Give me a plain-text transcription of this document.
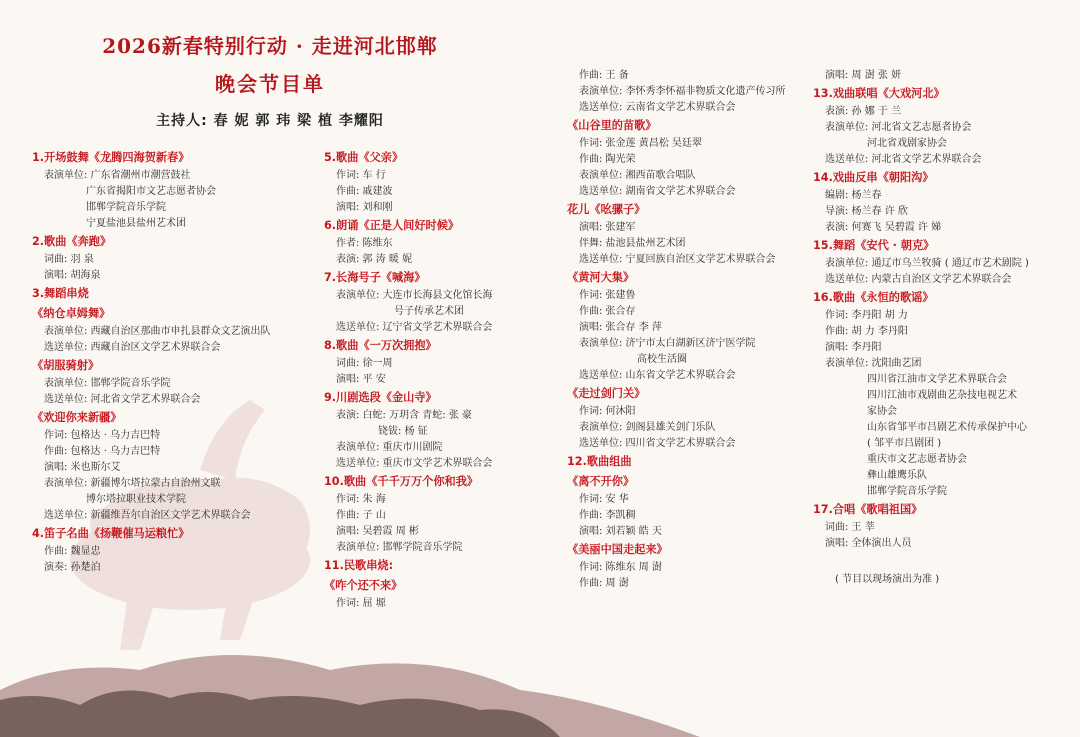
2026新春特别行动 · 走进河北邯郸
晚会节目单
主持人: 春 妮 郭 玮 梁 植 李耀阳
1.开场鼓舞《龙腾四海贺新春》
表演单位: 广东省潮州市潮营鼓社
广东省揭阳市文艺志愿者协会
邯郸学院音乐学院
宁夏盐池县盐州艺术团
2.歌曲《奔跑》
词曲: 羽 泉
演唱: 胡海泉
3.舞蹈串烧
《纳仓卓姆舞》
表演单位: 西藏自治区那曲市申扎县群众文艺演出队
选送单位: 西藏自治区文学艺术界联合会
《胡服骑射》
表演单位: 邯郸学院音乐学院
选送单位: 河北省文学艺术界联合会
《欢迎你来新疆》
作词: 包格达 · 乌力吉巴特
作曲: 包格达 · 乌力吉巴特
演唱: 米也斯尔艾
表演单位: 新疆博尔塔拉蒙古自治州文联
博尔塔拉职业技术学院
选送单位: 新疆维吾尔自治区文学艺术界联合会
4.笛子名曲《扬鞭催马运粮忙》
作曲: 魏显忠
演奏: 孙楚泊
5.歌曲《父亲》
作词: 车 行
作曲: 戚建波
演唱: 刘和刚
6.朗诵《正是人间好时候》
作者: 陈维东
表演: 郭 涛 暖 妮
7.长海号子《喊海》
表演单位: 大连市长海县文化馆长海
号子传承艺术团
选送单位: 辽宁省文学艺术界联合会
8.歌曲《一万次拥抱》
词曲: 徐一周
演唱: 平 安
9.川剧选段《金山寺》
表演: 白蛇: 万玥含 青蛇: 张 豪
铙钹: 杨 钲
表演单位: 重庆市川剧院
选送单位: 重庆市文学艺术界联合会
10.歌曲《千千万万个你和我》
作词: 朱 海
作曲: 子 山
演唱: 吴碧霞 周 彬
表演单位: 邯郸学院音乐学院
11.民歌串烧:
《咋个还不来》
作词: 屈 塬
作曲: 王 备
表演单位: 李怀秀李怀福非物质文化遗产传习所
选送单位: 云南省文学艺术界联合会
《山谷里的苗歌》
作词: 张金莲 黄昌松 吴廷翠
作曲: 陶光荣
表演单位: 湘西苗歌合唱队
选送单位: 湖南省文学艺术界联合会
花儿《吆骡子》
演唱: 张建军
伴舞: 盐池县盐州艺术团
选送单位: 宁夏回族自治区文学艺术界联合会
《黄河大集》
作词: 张建鲁
作曲: 张合存
演唱: 张合存 李 萍
表演单位: 济宁市太白湖新区济宁医学院
高校生活圈
选送单位: 山东省文学艺术界联合会
《走过剑门关》
作词: 何沐阳
表演单位: 剑阁县雄关剑门乐队
选送单位: 四川省文学艺术界联合会
12.歌曲组曲
《离不开你》
作词: 安 华
作曲: 李凯稠
演唱: 刘若颖 皓 天
《美丽中国走起来》
作词: 陈维东 周 澍
作曲: 周 澍
演唱: 周 澍 张 妍
13.戏曲联唱《大戏河北》
表演: 孙 娜 于 兰
表演单位: 河北省文艺志愿者协会
河北省戏剧家协会
选送单位: 河北省文学艺术界联合会
14.戏曲反串《朝阳沟》
编剧: 杨兰春
导演: 杨兰春 许 欣
表演: 何赛飞 吴碧霞 许 娣
15.舞蹈《安代 · 朝克》
表演单位: 通辽市乌兰牧骑 ( 通辽市艺术剧院 )
选送单位: 内蒙古自治区文学艺术界联合会
16.歌曲《永恒的歌谣》
作词: 李丹阳 胡 力
作曲: 胡 力 李丹阳
演唱: 李丹阳
表演单位: 沈阳曲艺团
四川省江油市文学艺术界联合会
四川江油市戏剧曲艺杂技电视艺术
家协会
山东省邹平市吕剧艺术传承保护中心
( 邹平市吕剧团 )
重庆市文艺志愿者协会
彝山雄鹰乐队
邯郸学院音乐学院
17.合唱《歌唱祖国》
词曲: 王 莘
演唱: 全体演出人员
( 节目以现场演出为准 )
